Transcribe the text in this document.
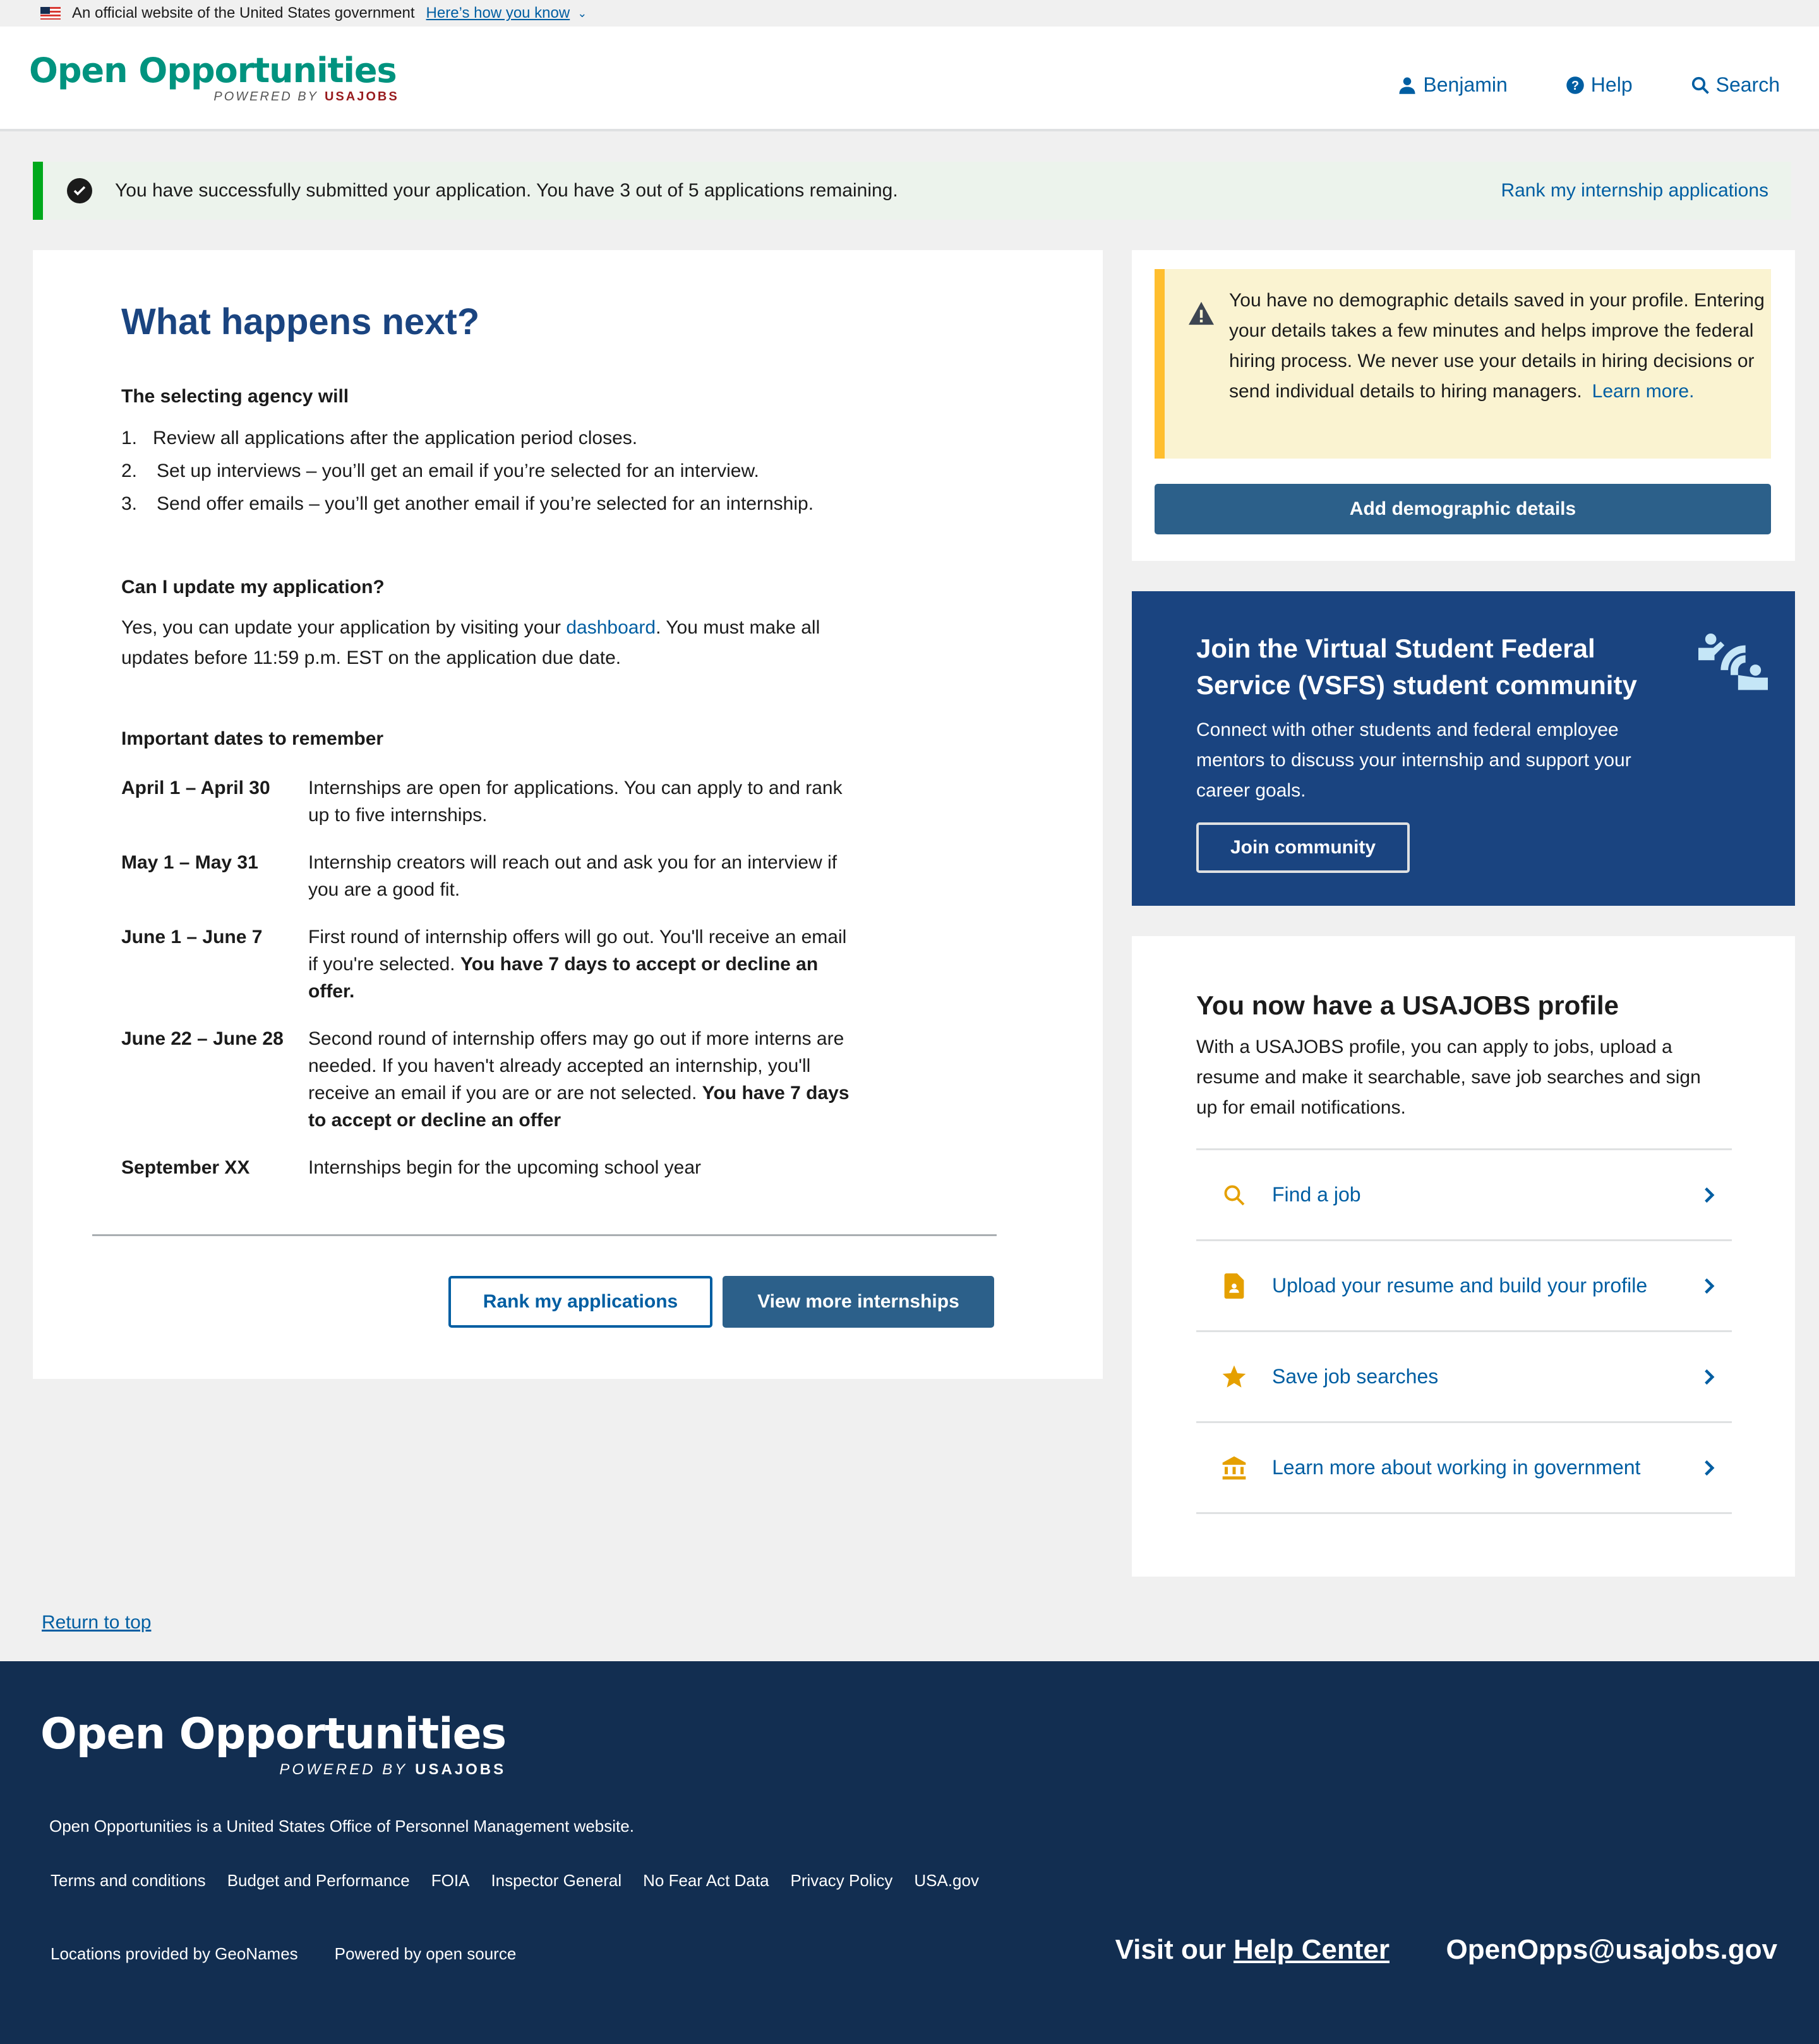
An official website of the United States government Here’s how you know ⌄
Open Opportunities
POWERED BY USAJOBS
Benjamin	? Help	Search
You have successfully submitted your application. You have 3 out of 5 applications remaining.	Rank my internship applications
What happens next?
The selecting agency will
1. Review all applications after the application period closes.
2. Set up interviews – you’ll get an email if you’re selected for an interview.
3. Send offer emails – you’ll get another email if you’re selected for an internship.
Can I update my application?
Yes, you can update your application by visiting your dashboard. You must make all updates before 11:59 p.m. EST on the application due date.
Important dates to remember
April 1 – April 30	Internships are open for applications. You can apply to and rank up to five internships.
May 1 – May 31	Internship creators will reach out and ask you for an interview if you are a good fit.
June 1 – June 7	First round of internship offers will go out. You'll receive an email if you're selected. You have 7 days to accept or decline an offer.
June 22 – June 28	Second round of internship offers may go out if more interns are needed. If you haven't already accepted an internship, you'll receive an email if you are or are not selected. You have 7 days to accept or decline an offer
September XX	Internships begin for the upcoming school year
Rank my applications	View more internships
You have no demographic details saved in your profile. Entering your details takes a few minutes and helps improve the federal hiring process. We never use your details in hiring decisions or send individual details to hiring managers. Learn more.
Add demographic details
Join the Virtual Student Federal Service (VSFS) student community
Connect with other students and federal employee mentors to discuss your internship and support your career goals.
Join community
You now have a USAJOBS profile
With a USAJOBS profile, you can apply to jobs, upload a resume and make it searchable, save job searches and sign up for email notifications.
Find a job
Upload your resume and build your profile
Save job searches
Learn more about working in government
Return to top
Open Opportunities
POWERED BY USAJOBS
Open Opportunities is a United States Office of Personnel Management website.
Terms and conditions Budget and Performance FOIA Inspector General No Fear Act Data Privacy Policy USA.gov
Locations provided by GeoNames Powered by open source	Visit our Help Center OpenOpps@usajobs.gov
